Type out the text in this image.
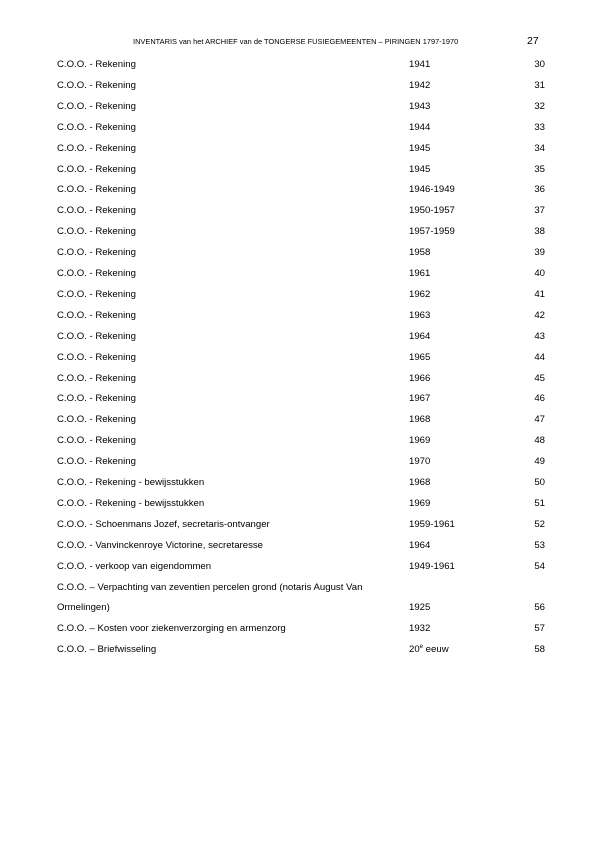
INVENTARIS van het ARCHIEF van de TONGERSE FUSIEGEMEENTEN – PIRINGEN 1797-1970	27
C.O.O. - Rekening	1941	30
C.O.O. - Rekening	1942	31
C.O.O. - Rekening	1943	32
C.O.O. - Rekening	1944	33
C.O.O. - Rekening	1945	34
C.O.O. - Rekening	1945	35
C.O.O. - Rekening	1946-1949	36
C.O.O. - Rekening	1950-1957	37
C.O.O. - Rekening	1957-1959	38
C.O.O. - Rekening	1958	39
C.O.O. - Rekening	1961	40
C.O.O. - Rekening	1962	41
C.O.O. - Rekening	1963	42
C.O.O. - Rekening	1964	43
C.O.O. - Rekening	1965	44
C.O.O. - Rekening	1966	45
C.O.O. - Rekening	1967	46
C.O.O. - Rekening	1968	47
C.O.O. - Rekening	1969	48
C.O.O. - Rekening	1970	49
C.O.O. - Rekening - bewijsstukken	1968	50
C.O.O. - Rekening - bewijsstukken	1969	51
C.O.O. - Schoenmans Jozef, secretaris-ontvanger	1959-1961	52
C.O.O. - Vanvinckenroye Victorine, secretaresse	1964	53
C.O.O. - verkoop van eigendommen	1949-1961	54
C.O.O. – Verpachting van zeventien percelen grond (notaris August Van
Ormelingen)	1925	56
C.O.O. – Kosten voor ziekenverzorging en armenzorg	1932	57
C.O.O. – Briefwisseling	20e eeuw	58
